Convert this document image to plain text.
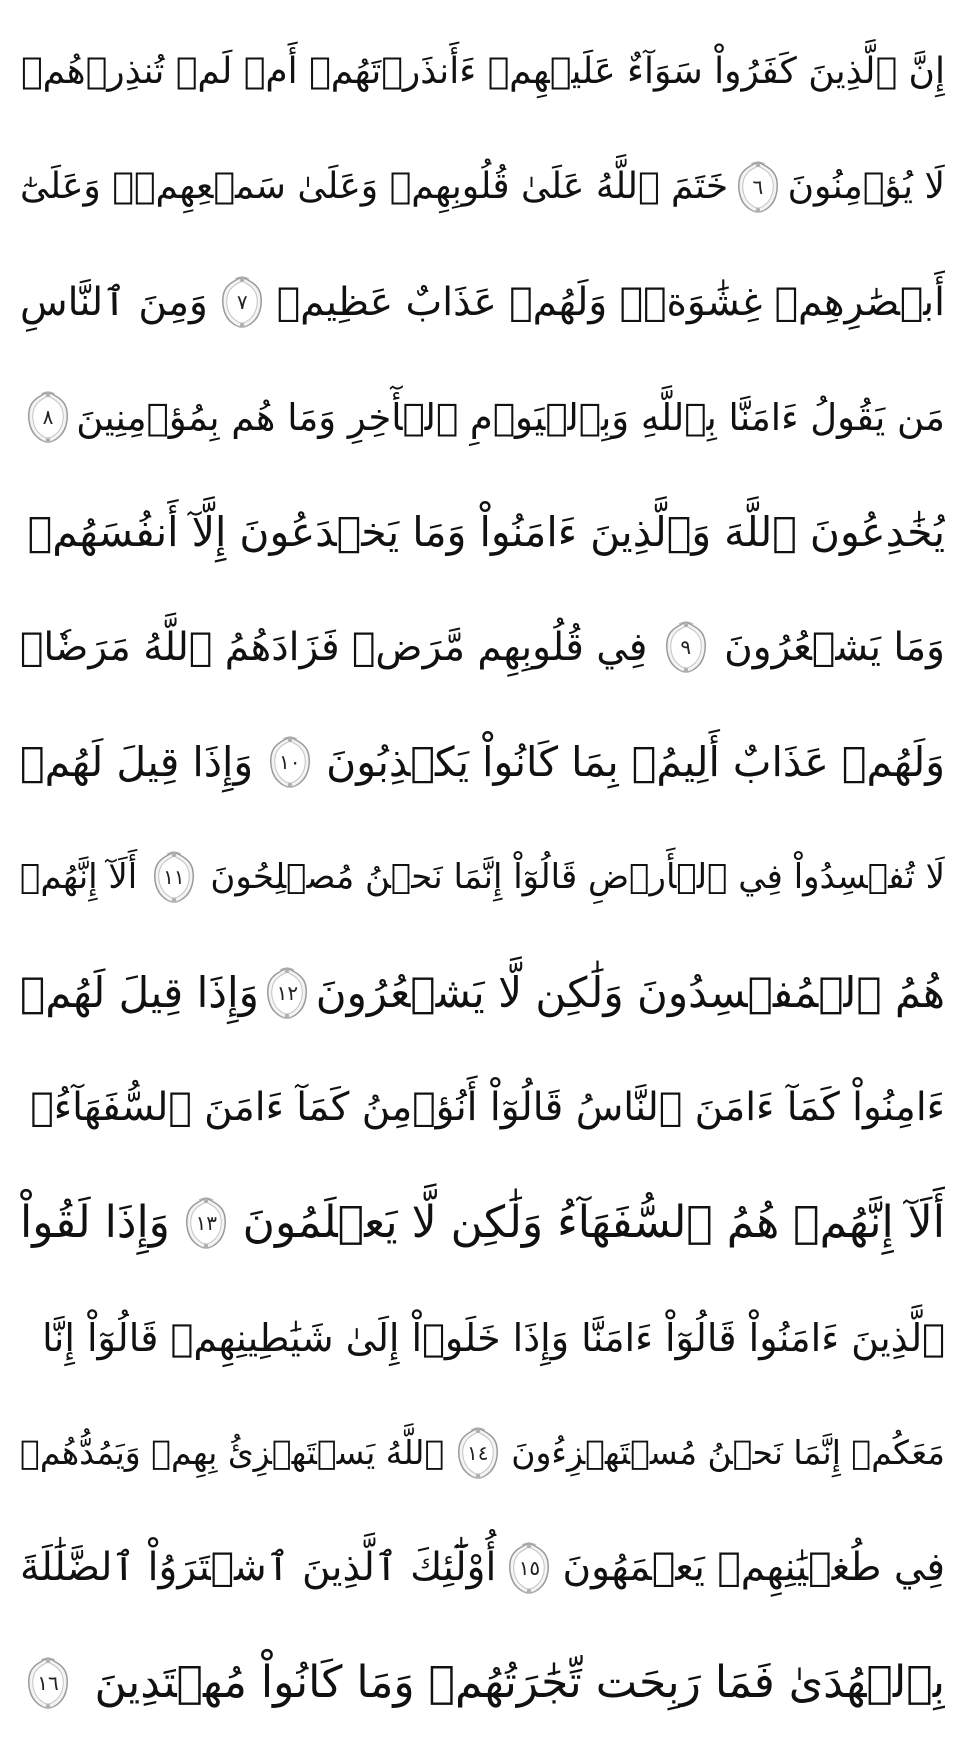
إِنَّ ٱلَّذِينَ كَفَرُواْ سَوَآءٌ عَلَيۡهِمۡ ءَأَنذَرۡتَهُمۡ أَمۡ لَمۡ تُنذِرۡهُمۡ
لَا يُؤۡمِنُونَ
٦
خَتَمَ ٱللَّهُ عَلَىٰ قُلُوبِهِمۡ وَعَلَىٰ سَمۡعِهِمۡۖ وَعَلَىٰٓ
أَبۡصَٰرِهِمۡ غِشَٰوَةٞۖ وَلَهُمۡ عَذَابٌ عَظِيمٞ
٧
وَمِنَ ٱلنَّاسِ
مَن يَقُولُ ءَامَنَّا بِٱللَّهِ وَبِٱلۡيَوۡمِ ٱلۡأٓخِرِ وَمَا هُم بِمُؤۡمِنِينَ
٨
يُخَٰدِعُونَ ٱللَّهَ وَٱلَّذِينَ ءَامَنُواْ وَمَا يَخۡدَعُونَ إِلَّآ أَنفُسَهُمۡ
وَمَا يَشۡعُرُونَ
٩
فِي قُلُوبِهِم مَّرَضٞ فَزَادَهُمُ ٱللَّهُ مَرَضٗاۖ
وَلَهُمۡ عَذَابٌ أَلِيمُۢ بِمَا كَانُواْ يَكۡذِبُونَ
١٠
وَإِذَا قِيلَ لَهُمۡ
لَا تُفۡسِدُواْ فِي ٱلۡأَرۡضِ قَالُوٓاْ إِنَّمَا نَحۡنُ مُصۡلِحُونَ
١١
أَلَآ إِنَّهُمۡ
هُمُ ٱلۡمُفۡسِدُونَ وَلَٰكِن لَّا يَشۡعُرُونَ
١٢
وَإِذَا قِيلَ لَهُمۡ
ءَامِنُواْ كَمَآ ءَامَنَ ٱلنَّاسُ قَالُوٓاْ أَنُؤۡمِنُ كَمَآ ءَامَنَ ٱلسُّفَهَآءُۗ
أَلَآ إِنَّهُمۡ هُمُ ٱلسُّفَهَآءُ وَلَٰكِن لَّا يَعۡلَمُونَ
١٣
وَإِذَا لَقُواْ
ٱلَّذِينَ ءَامَنُواْ قَالُوٓاْ ءَامَنَّا وَإِذَا خَلَوۡاْ إِلَىٰ شَيَٰطِينِهِمۡ قَالُوٓاْ إِنَّا
مَعَكُمۡ إِنَّمَا نَحۡنُ مُسۡتَهۡزِءُونَ
١٤
ٱللَّهُ يَسۡتَهۡزِئُ بِهِمۡ وَيَمُدُّهُمۡ
فِي طُغۡيَٰنِهِمۡ يَعۡمَهُونَ
١٥
أُوْلَٰٓئِكَ ٱلَّذِينَ ٱشۡتَرَوُاْ ٱلضَّلَٰلَةَ
بِٱلۡهُدَىٰ فَمَا رَبِحَت تِّجَٰرَتُهُمۡ وَمَا كَانُواْ مُهۡتَدِينَ
١٦
